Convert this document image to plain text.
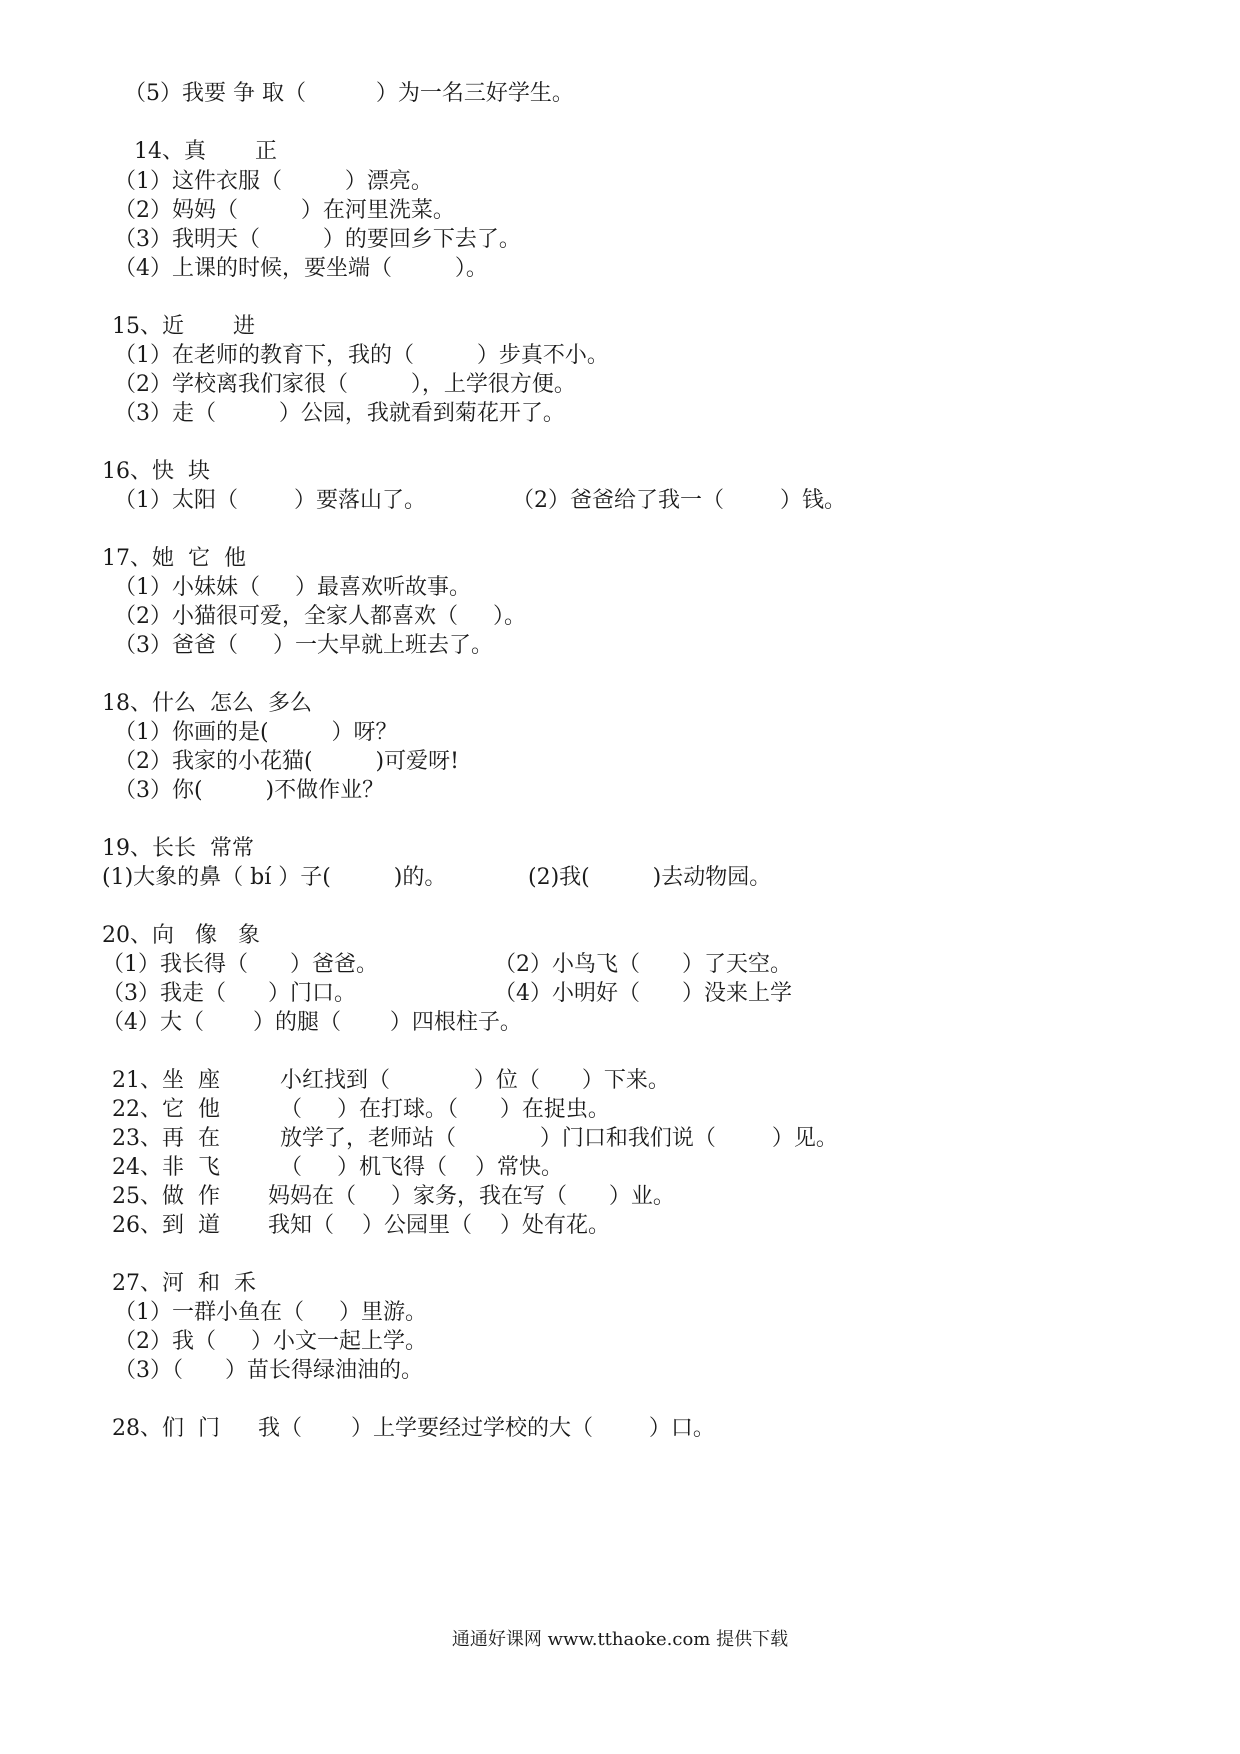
（5）我要 争 取（          ）为一名三好学生。
14、真       正
（1）这件衣服（         ）漂亮。
（2）妈妈（         ）在河里洗菜。
（3）我明天（         ）的要回乡下去了。
（4）上课的时候，要坐端（         ）。
15、近       进
（1）在老师的教育下，我的（         ）步真不小。
（2）学校离我们家很（         ），上学很方便。
（3）走（         ）公园，我就看到菊花开了。
16、快  块
（1）太阳（        ）要落山了。	（2）爸爸给了我一（        ）钱。
17、她  它  他
（1）小妹妹（     ）最喜欢听故事。
（2）小猫很可爱，全家人都喜欢（     ）。
（3）爸爸（     ）一大早就上班去了。
18、什么  怎么  多么
（1）你画的是(         ）呀？
（2）我家的小花猫(         )可爱呀!
（3）你(         )不做作业？
19、长长  常常
(1)大象的鼻（ bí ）子(         )的。	(2)我(         )去动物园。
20、向   像   象
（1）我长得（      ）爸爸。	（2）小鸟飞（      ）了天空。
（3）我走（      ）门口。	（4）小明好（      ）没来上学
（4）大（       ）的腿（       ）四根柱子。
21、坐  座	小红找到（            ）位（      ）下来。
22、它  他	（     ）在打球。（      ）在捉虫。
23、再  在	放学了，老师站（            ）门口和我们说（        ）见。
24、非  飞	（     ）机飞得（    ）常快。
25、做  作 妈妈在（     ）家务，我在写（      ）业。
26、到  道 我知（    ）公园里（    ）处有花。
27、河  和  禾
（1）一群小鱼在（     ）里游。
（2）我（     ）小文一起上学。
（3）（      ）苗长得绿油油的。
28、们  门 我（       ）上学要经过学校的大（        ）口。
通通好课网 www.tthaoke.com 提供下载
